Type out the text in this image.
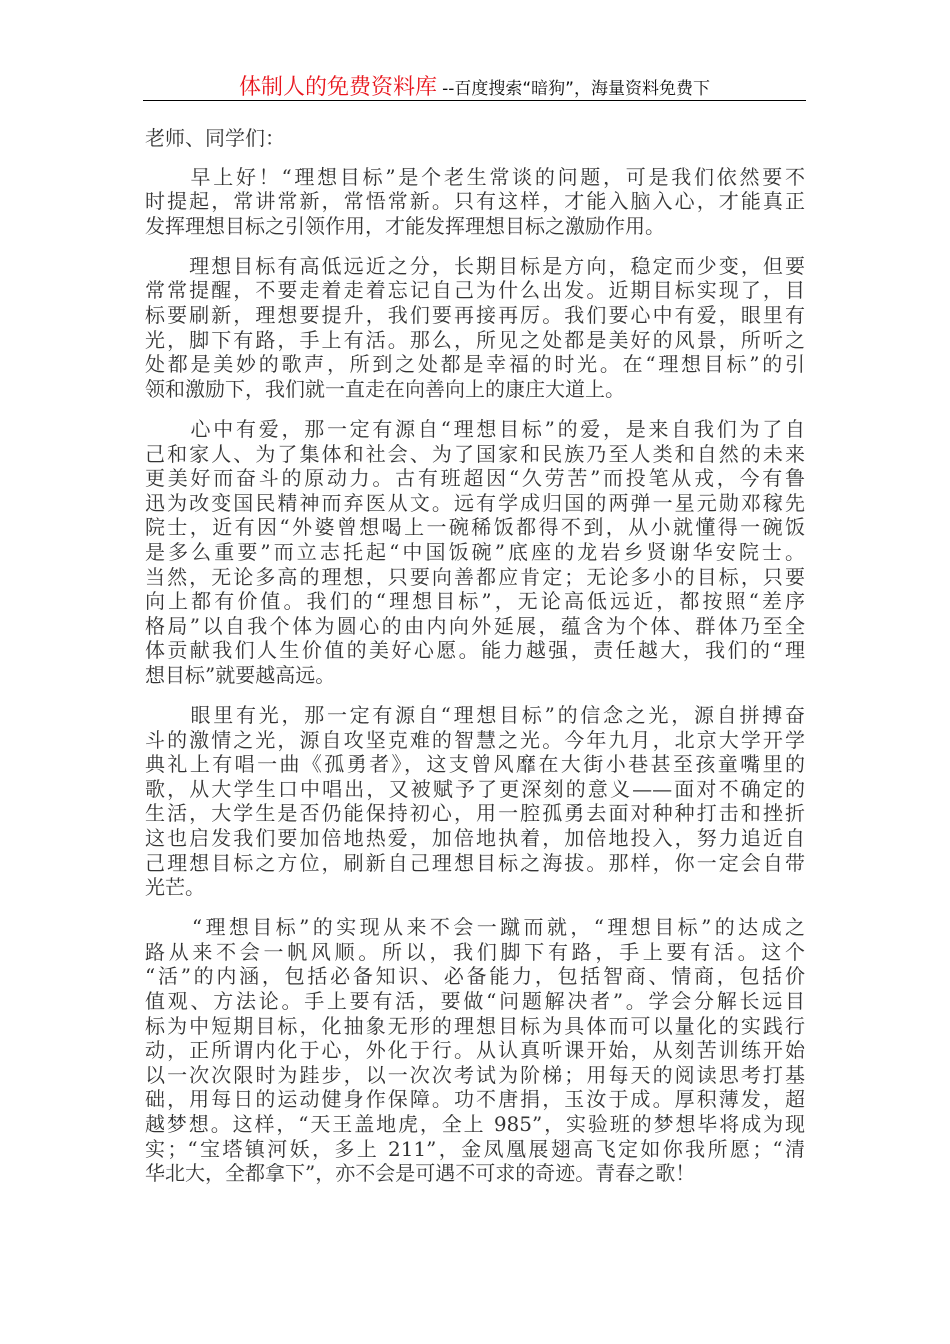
体制人的免费资料库 --百度搜索“暗狗”，海量资料免费下
老师、同学们：
　　早上好！“理想目标”是个老生常谈的问题，可是我们依然要不
时提起，常讲常新，常悟常新。只有这样，才能入脑入心，才能真正
发挥理想目标之引领作用，才能发挥理想目标之激励作用。
　　理想目标有高低远近之分，长期目标是方向，稳定而少变，但要
常常提醒，不要走着走着忘记自己为什么出发。近期目标实现了，目
标要刷新，理想要提升，我们要再接再厉。我们要心中有爱，眼里有
光，脚下有路，手上有活。那么，所见之处都是美好的风景，所听之
处都是美妙的歌声，所到之处都是幸福的时光。在“理想目标”的引
领和激励下，我们就一直走在向善向上的康庄大道上。
　　心中有爱，那一定有源自“理想目标”的爱，是来自我们为了自
己和家人、为了集体和社会、为了国家和民族乃至人类和自然的未来
更美好而奋斗的原动力。古有班超因“久劳苦”而投笔从戎，今有鲁
迅为改变国民精神而弃医从文。远有学成归国的两弹一星元勋邓稼先
院士，近有因“外婆曾想喝上一碗稀饭都得不到，从小就懂得一碗饭
是多么重要”而立志托起“中国饭碗”底座的龙岩乡贤谢华安院士。
当然，无论多高的理想，只要向善都应肯定；无论多小的目标，只要
向上都有价值。我们的“理想目标”，无论高低远近，都按照“差序
格局”以自我个体为圆心的由内向外延展，蕴含为个体、群体乃至全
体贡献我们人生价值的美好心愿。能力越强，责任越大，我们的“理
想目标”就要越高远。
　　眼里有光，那一定有源自“理想目标”的信念之光，源自拼搏奋
斗的激情之光，源自攻坚克难的智慧之光。今年九月，北京大学开学
典礼上有唱一曲《孤勇者》，这支曾风靡在大街小巷甚至孩童嘴里的
歌，从大学生口中唱出，又被赋予了更深刻的意义——面对不确定的
生活，大学生是否仍能保持初心，用一腔孤勇去面对种种打击和挫折
这也启发我们要加倍地热爱，加倍地执着，加倍地投入，努力追近自
己理想目标之方位，刷新自己理想目标之海拔。那样，你一定会自带
光芒。
　　“理想目标”的实现从来不会一蹴而就，“理想目标”的达成之
路从来不会一帆风顺。所以，我们脚下有路，手上要有活。这个
“活”的内涵，包括必备知识、必备能力，包括智商、情商，包括价
值观、方法论。手上要有活，要做“问题解决者”。学会分解长远目
标为中短期目标，化抽象无形的理想目标为具体而可以量化的实践行
动，正所谓内化于心，外化于行。从认真听课开始，从刻苦训练开始
以一次次限时为跬步，以一次次考试为阶梯；用每天的阅读思考打基
础，用每日的运动健身作保障。功不唐捐，玉汝于成。厚积薄发，超
越梦想。这样，“天王盖地虎，全上 985”，实验班的梦想毕将成为现
实；“宝塔镇河妖，多上 211”，金凤凰展翅高飞定如你我所愿；“清
华北大，全都拿下”，亦不会是可遇不可求的奇迹。青春之歌！
